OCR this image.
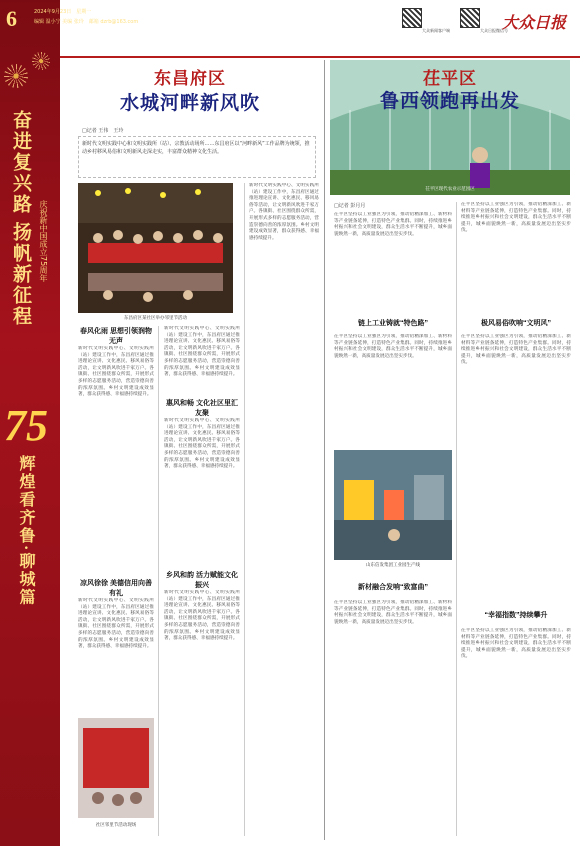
奋进复兴路 扬帆新征程	庆祝新中国成立75周年
75
辉煌看齐鲁·聊城篇
6	2024年9月23日　星期一
编辑 温小宁 美编 张玲　邮箱 dzrb@163.com
大众新闻客户端	大众日报微信号
大众日报
东昌府区
水城河畔新风吹
□记者 王伟　王玲
新时代文明实践中心和文明实践所（站）、宗教活动场所……东昌府区以“河畔新风”工作品牌为统领，推动乡村移风易俗和文明新风走深走实，丰富群众精神文化生活。
东昌府区某社区举办邻里节活动
春风化雨 思想引领润物无声
新时代文明实践中心、文明实践所（站）建设工作中，东昌府区通过推进理论宣讲、文化惠民、移风易俗等活动，让文明新风吹进千家万户。各镇街、社区围绕群众所需，开展形式多样的志愿服务活动，营造崇德向善的浓厚氛围。乡村文明建设成效显著，群众获得感、幸福感持续提升。
凉风徐徐 美德信用向善有礼
新时代文明实践中心、文明实践所（站）建设工作中，东昌府区通过推进理论宣讲、文化惠民、移风易俗等活动，让文明新风吹进千家万户。各镇街、社区围绕群众所需，开展形式多样的志愿服务活动，营造崇德向善的浓厚氛围。乡村文明建设成效显著，群众获得感、幸福感持续提升。
社区邻里节活动现场
新时代文明实践中心、文明实践所（站）建设工作中，东昌府区通过推进理论宣讲、文化惠民、移风易俗等活动，让文明新风吹进千家万户。各镇街、社区围绕群众所需，开展形式多样的志愿服务活动，营造崇德向善的浓厚氛围。乡村文明建设成效显著，群众获得感、幸福感持续提升。
惠风和畅 文化社区里汇友聚
新时代文明实践中心、文明实践所（站）建设工作中，东昌府区通过推进理论宣讲、文化惠民、移风易俗等活动，让文明新风吹进千家万户。各镇街、社区围绕群众所需，开展形式多样的志愿服务活动，营造崇德向善的浓厚氛围。乡村文明建设成效显著，群众获得感、幸福感持续提升。
乡风和韵 活力赋能文化振兴
新时代文明实践中心、文明实践所（站）建设工作中，东昌府区通过推进理论宣讲、文化惠民、移风易俗等活动，让文明新风吹进千家万户。各镇街、社区围绕群众所需，开展形式多样的志愿服务活动，营造崇德向善的浓厚氛围。乡村文明建设成效显著，群众获得感、幸福感持续提升。
新时代文明实践中心、文明实践所（站）建设工作中，东昌府区通过推进理论宣讲、文化惠民、移风易俗等活动，让文明新风吹进千家万户。各镇街、社区围绕群众所需，开展形式多样的志愿服务活动，营造崇德向善的浓厚氛围。乡村文明建设成效显著，群众获得感、幸福感持续提升。
茌平区
鲁西领跑再出发
茌平区现代农业示范园区
□记者 彭月月
茌平区坚持以工业强区为引领，推动铝精深加工、新材料等产业链条延伸，打造特色产业集群。同时，持续推进乡村振兴和社会文明建设，群众生活水平不断提升，城乡面貌焕然一新，高质量发展迈出坚实步伐。
链上工业铸就“特色路”
茌平区坚持以工业强区为引领，推动铝精深加工、新材料等产业链条延伸，打造特色产业集群。同时，持续推进乡村振兴和社会文明建设，群众生活水平不断提升，城乡面貌焕然一新，高质量发展迈出坚实步伐。
山东信发集团工业园生产线
新材融合发响“致富曲”
茌平区坚持以工业强区为引领，推动铝精深加工、新材料等产业链条延伸，打造特色产业集群。同时，持续推进乡村振兴和社会文明建设，群众生活水平不断提升，城乡面貌焕然一新，高质量发展迈出坚实步伐。
茌平区坚持以工业强区为引领，推动铝精深加工、新材料等产业链条延伸，打造特色产业集群。同时，持续推进乡村振兴和社会文明建设，群众生活水平不断提升，城乡面貌焕然一新，高质量发展迈出坚实步伐。
极风易俗吹响“文明风”
茌平区坚持以工业强区为引领，推动铝精深加工、新材料等产业链条延伸，打造特色产业集群。同时，持续推进乡村振兴和社会文明建设，群众生活水平不断提升，城乡面貌焕然一新，高质量发展迈出坚实步伐。
“幸福指数”持续攀升
茌平区坚持以工业强区为引领，推动铝精深加工、新材料等产业链条延伸，打造特色产业集群。同时，持续推进乡村振兴和社会文明建设，群众生活水平不断提升，城乡面貌焕然一新，高质量发展迈出坚实步伐。
